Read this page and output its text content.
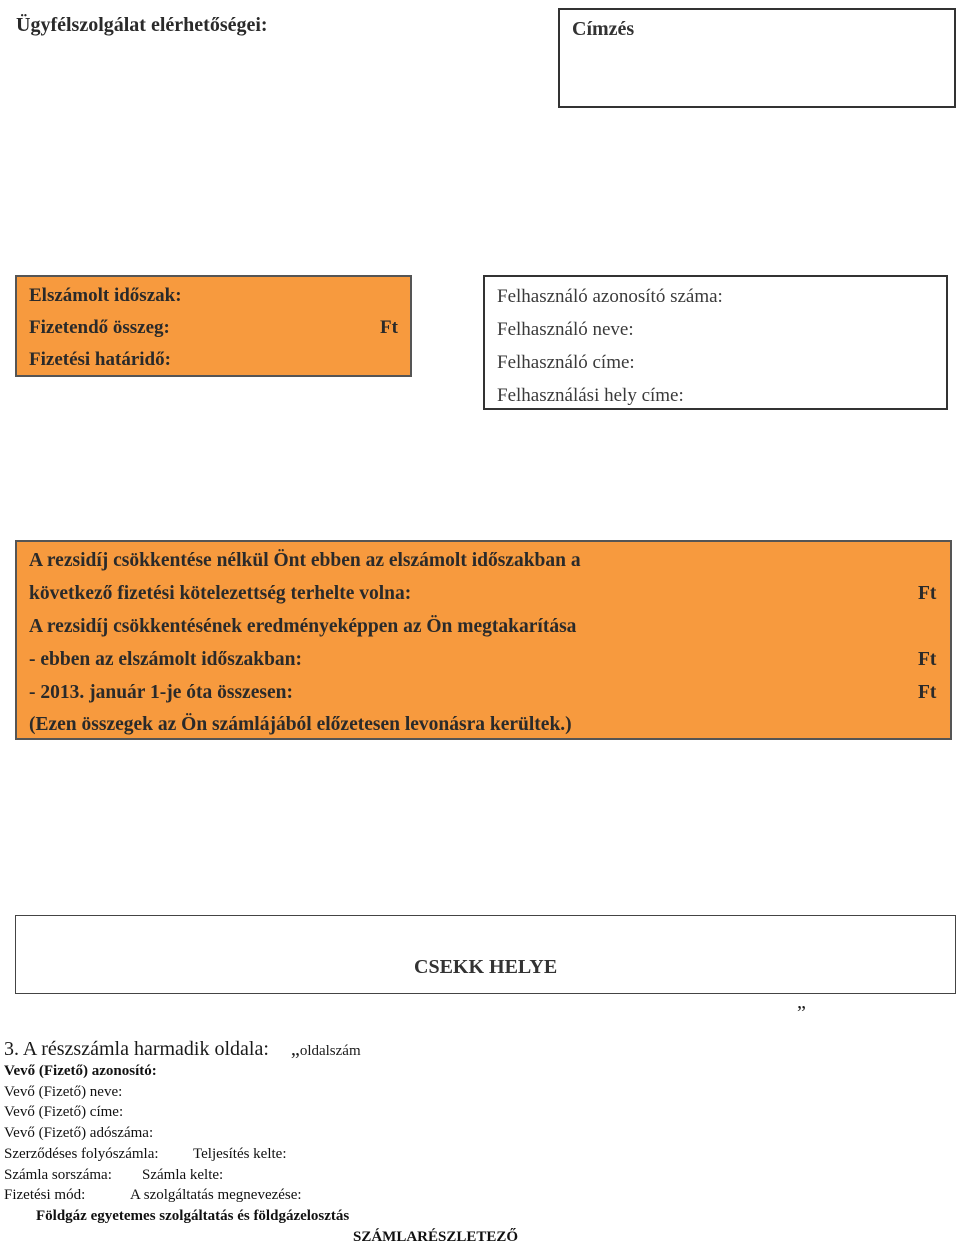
Ügyfélszolgálat elérhetőségei:	Címzés
Elszámolt időszak:
Fizetendő összeg:	Ft
Fizetési határidő:
Felhasználó azonosító száma:
Felhasználó neve:
Felhasználó címe:
Felhasználási hely címe:
A rezsidíj csökkentése nélkül Önt ebben az elszámolt időszakban a
következő fizetési kötelezettség terhelte volna:	Ft
A rezsidíj csökkentésének eredményeképpen az Ön megtakarítása
- ebben az elszámolt időszakban:	Ft
- 2013. január 1-je óta összesen:	Ft
(Ezen összegek az Ön számlájából előzetesen levonásra kerültek.)
CSEKK HELYE
”
3. A részszámla harmadik oldala: „oldalszám
Vevő (Fizető) azonosító:
Vevő (Fizető) neve:
Vevő (Fizető) címe:
Vevő (Fizető) adószáma:
Szerződéses folyószámla: Teljesítés kelte:
Számla sorszáma: Számla kelte:
Fizetési mód:	A szolgáltatás megnevezése:
Földgáz egyetemes szolgáltatás és földgázelosztás
SZÁMLARÉSZLETEZŐ
